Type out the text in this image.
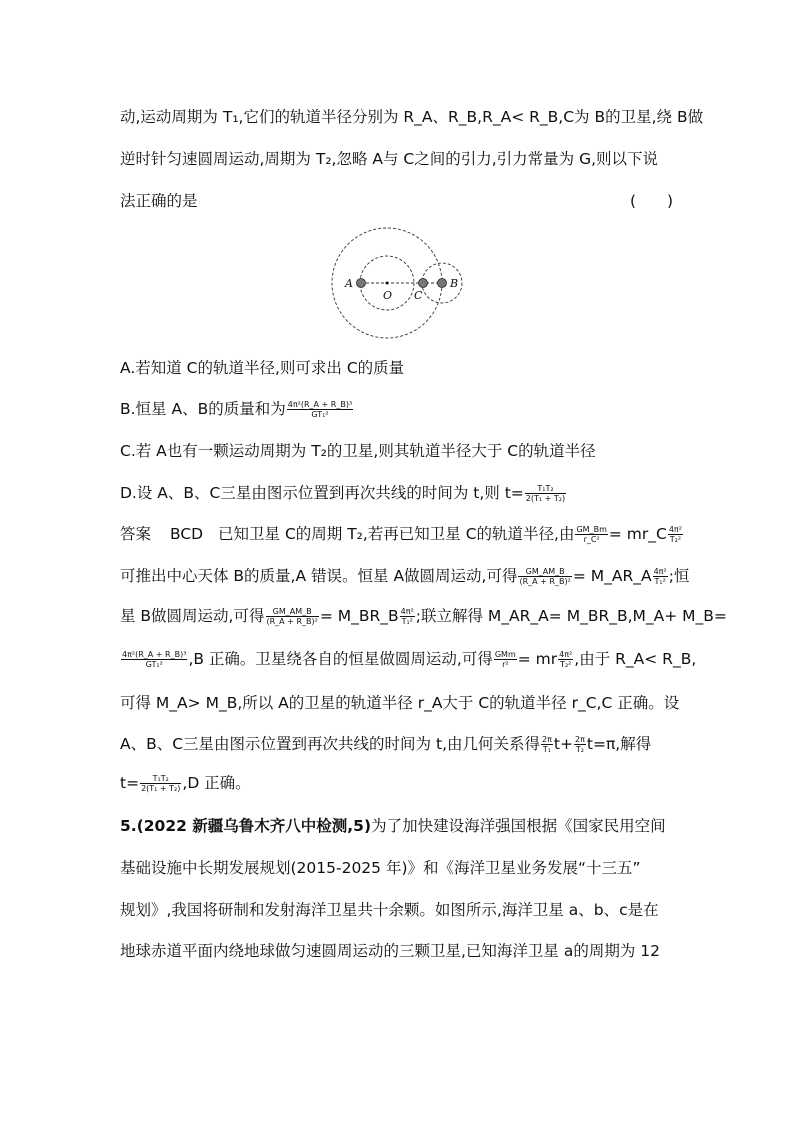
动,运动周期为 T₁,它们的轨道半径分别为 R_A、R_B,R_A< R_B,C为 B的卫星,绕 B做
逆时针匀速圆周运动,周期为 T₂,忽略 A与 C之间的引力,引力常量为 G,则以下说
法正确的是	(　　)
A
O C
B
A.若知道 C的轨道半径,则可求出 C的质量
B.恒星 A、B的质量和为 $\frac{\text{4π²(R\_A + R\_B)³}}{\text{GT₁²}}$
C.若 A也有一颗运动周期为 T₂的卫星,则其轨道半径大于 C的轨道半径
D.设 A、B、C三星由图示位置到再次共线的时间为 t,则 $t= \frac{\text{T₁T₂}}{\text{2(T₁ + T₂)}}$
答案 BCD 已知卫星 C的周期 T₂,若再已知卫星 C的轨道半径,由 $\frac{GM\_Bm}{\text{r\_C²}}$ = mr_C $\frac{\text{4π²}}{\text{T₂²}}$
可推出中心天体 B的质量,A 错误。恒星 A做圆周运动,可得 $\frac{GM\_AM\_B}{\text{(R\_A + R\_B)²}}$ = M_AR_A $\frac{\text{4π²}}{\text{T₁²}}$ ;恒
星 B做圆周运动,可得 $\frac{GM\_AM\_B}{\text{(R\_A + R\_B)²}}$ = M_BR_B $\frac{\text{4π²}}{\text{T₁²}}$ ;联立解得 M_AR_A= M_BR_B,M_A+ M_B=
$\frac{\text{4π²(R\_A + R\_B)³}}{\text{GT₁²}} ,B$ 正确。卫星绕各自的恒星做圆周运动,可得 $\frac{\text{GMm}}{\text{r²}}$ = mr $\frac{\text{4π²}}{\text{T₂²}}$ ,由于 R_A< R_B,
可得 M_A> M_B,所以 A的卫星的轨道半径 r_A大于 C的轨道半径 r_C,C 正确。设
A、B、C三星由图示位置到再次共线的时间为 t,由几何关系得 $\frac{2\pi}{\text{T₁}} t+ \frac{2\pi}{\text{T₂}} t=\pi$,解得
$t= \frac{\text{T₁T₂}}{\text{2(T₁ + T₂)}} ,D$ 正确。
5.(2022 新疆乌鲁木齐八中检测,5)为了加快建设海洋强国根据《国家民用空间
基础设施中长期发展规划(2015-2025 年)》和《海洋卫星业务发展“十三五”
规划》,我国将研制和发射海洋卫星共十余颗。如图所示,海洋卫星 a、b、c是在
地球赤道平面内绕地球做匀速圆周运动的三颗卫星,已知海洋卫星 a的周期为 12
